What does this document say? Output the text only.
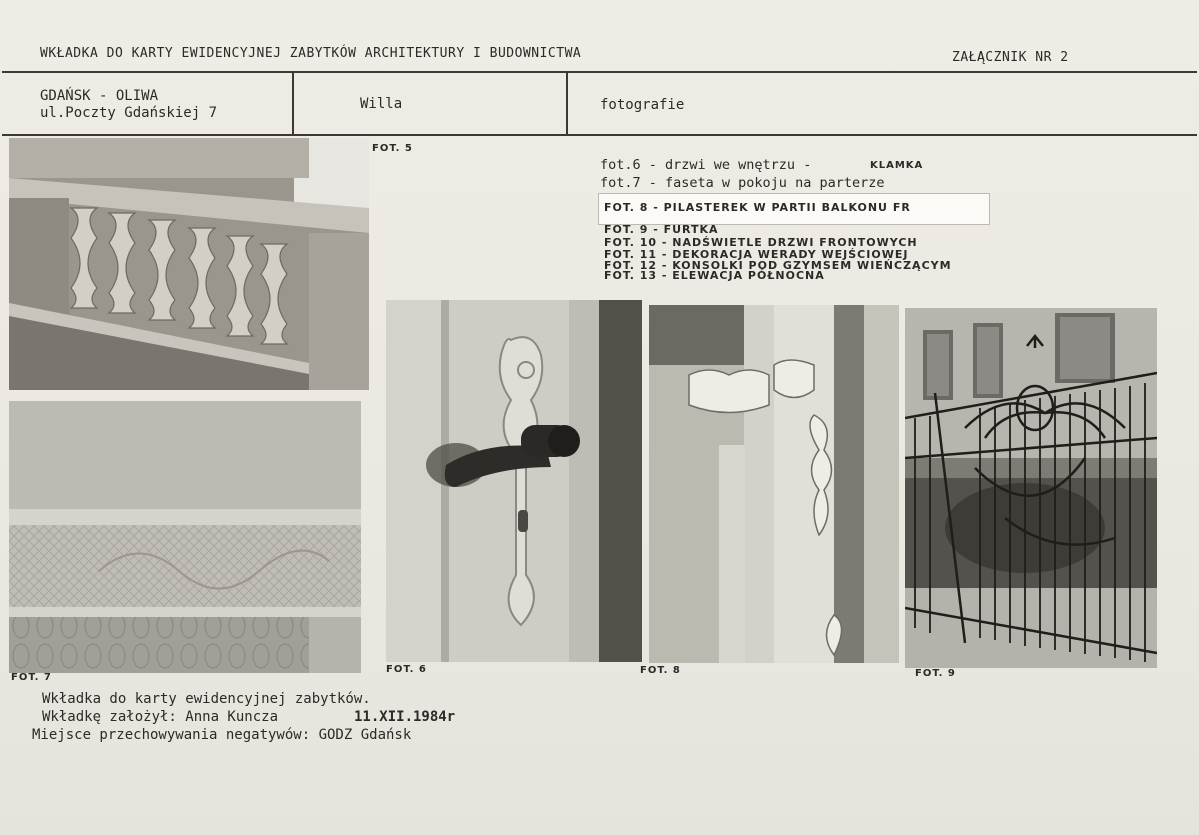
WKŁADKA DO KARTY EWIDENCYJNEJ ZABYTKÓW ARCHITEKTURY I BUDOWNICTWA	ZAŁĄCZNIK NR 2
GDAŃSK - OLIWA
ul.Poczty Gdańskiej 7
Willa	fotografie
fot.6 - drzwi we wnętrzu -	KLAMKA
fot.7 - faseta w pokoju na parterze
FOT. 8 - PILASTEREK W PARTII BALKONU FR
FOT. 9 - FURTKA
FOT. 10 - NADŚWIETLE DRZWI FRONTOWYCH
FOT. 11 - DEKORACJA WERADY WEJŚCIOWEJ
FOT. 12 - KONSOLKI POD GZYMSEM WIEŃCZĄCYM
FOT. 13 - ELEWACJA PÓŁNOCNA
FOT. 5
FOT. 7
FOT. 6	FOT. 8	FOT. 9
Wkładka do karty ewidencyjnej zabytków.
Wkładkę założył: Anna Kuncza	11.XII.1984r
Miejsce przechowywania negatywów: GODZ Gdańsk
